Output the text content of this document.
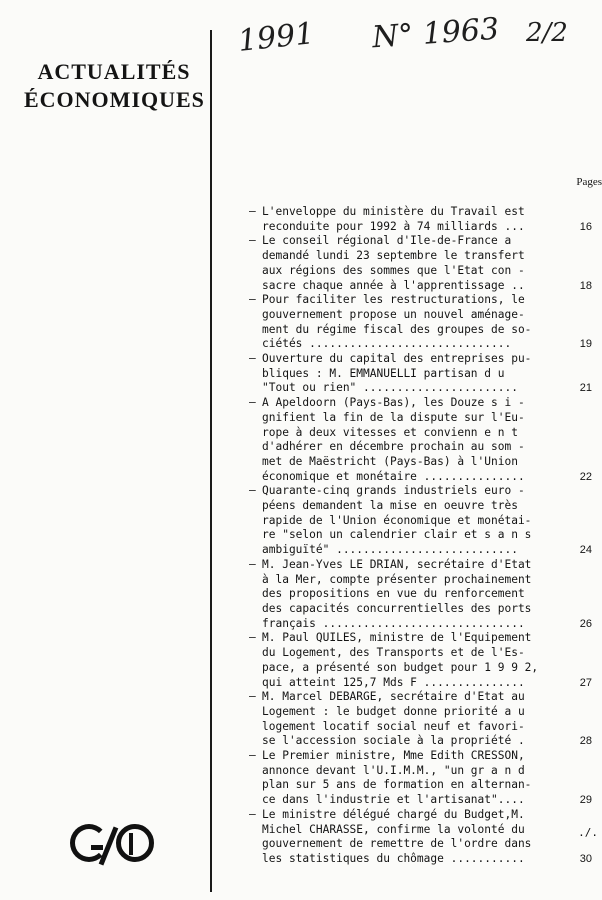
ACTUALITÉS
ÉCONOMIQUES
1991 N° 1963 2/2
Pages
– L'enveloppe du ministère du Travail est
reconduite pour 1992 à 74 milliards ...	16
– Le conseil régional d'Ile-de-France a
demandé lundi 23 septembre le transfert
aux régions des sommes que l'Etat con -
sacre chaque année à l'apprentissage ..	18
– Pour faciliter les restructurations, le
gouvernement propose un nouvel aménage-
ment du régime fiscal des groupes de so-
ciétés ..............................	19
– Ouverture du capital des entreprises pu-
bliques : M. EMMANUELLI partisan d u
"Tout ou rien" .......................	21
– A Apeldoorn (Pays-Bas), les Douze s i -
gnifient la fin de la dispute sur l'Eu-
rope à deux vitesses et convienn e n t
d'adhérer en décembre prochain au som -
met de Maëstricht (Pays-Bas) à l'Union
économique et monétaire ...............	22
– Quarante-cinq grands industriels euro -
péens demandent la mise en oeuvre très
rapide de l'Union économique et monétai-
re "selon un calendrier clair et s a n s
ambiguïté" ...........................	24
– M. Jean-Yves LE DRIAN, secrétaire d'Etat
à la Mer, compte présenter prochainement
des propositions en vue du renforcement
des capacités concurrentielles des ports
français ..............................	26
– M. Paul QUILES, ministre de l'Equipement
du Logement, des Transports et de l'Es-
pace, a présenté son budget pour 1 9 9 2,
qui atteint 125,7 Mds F ...............	27
– M. Marcel DEBARGE, secrétaire d'Etat au
Logement : le budget donne priorité a u
logement locatif social neuf et favori-
se l'accession sociale à la propriété .	28
– Le Premier ministre, Mme Edith CRESSON,
annonce devant l'U.I.M.M., "un gr a n d
plan sur 5 ans de formation en alternan-
ce dans l'industrie et l'artisanat"....	29
– Le ministre délégué chargé du Budget,M.
Michel CHARASSE, confirme la volonté du
gouvernement de remettre de l'ordre dans
les statistiques du chômage ...........	30
./.
